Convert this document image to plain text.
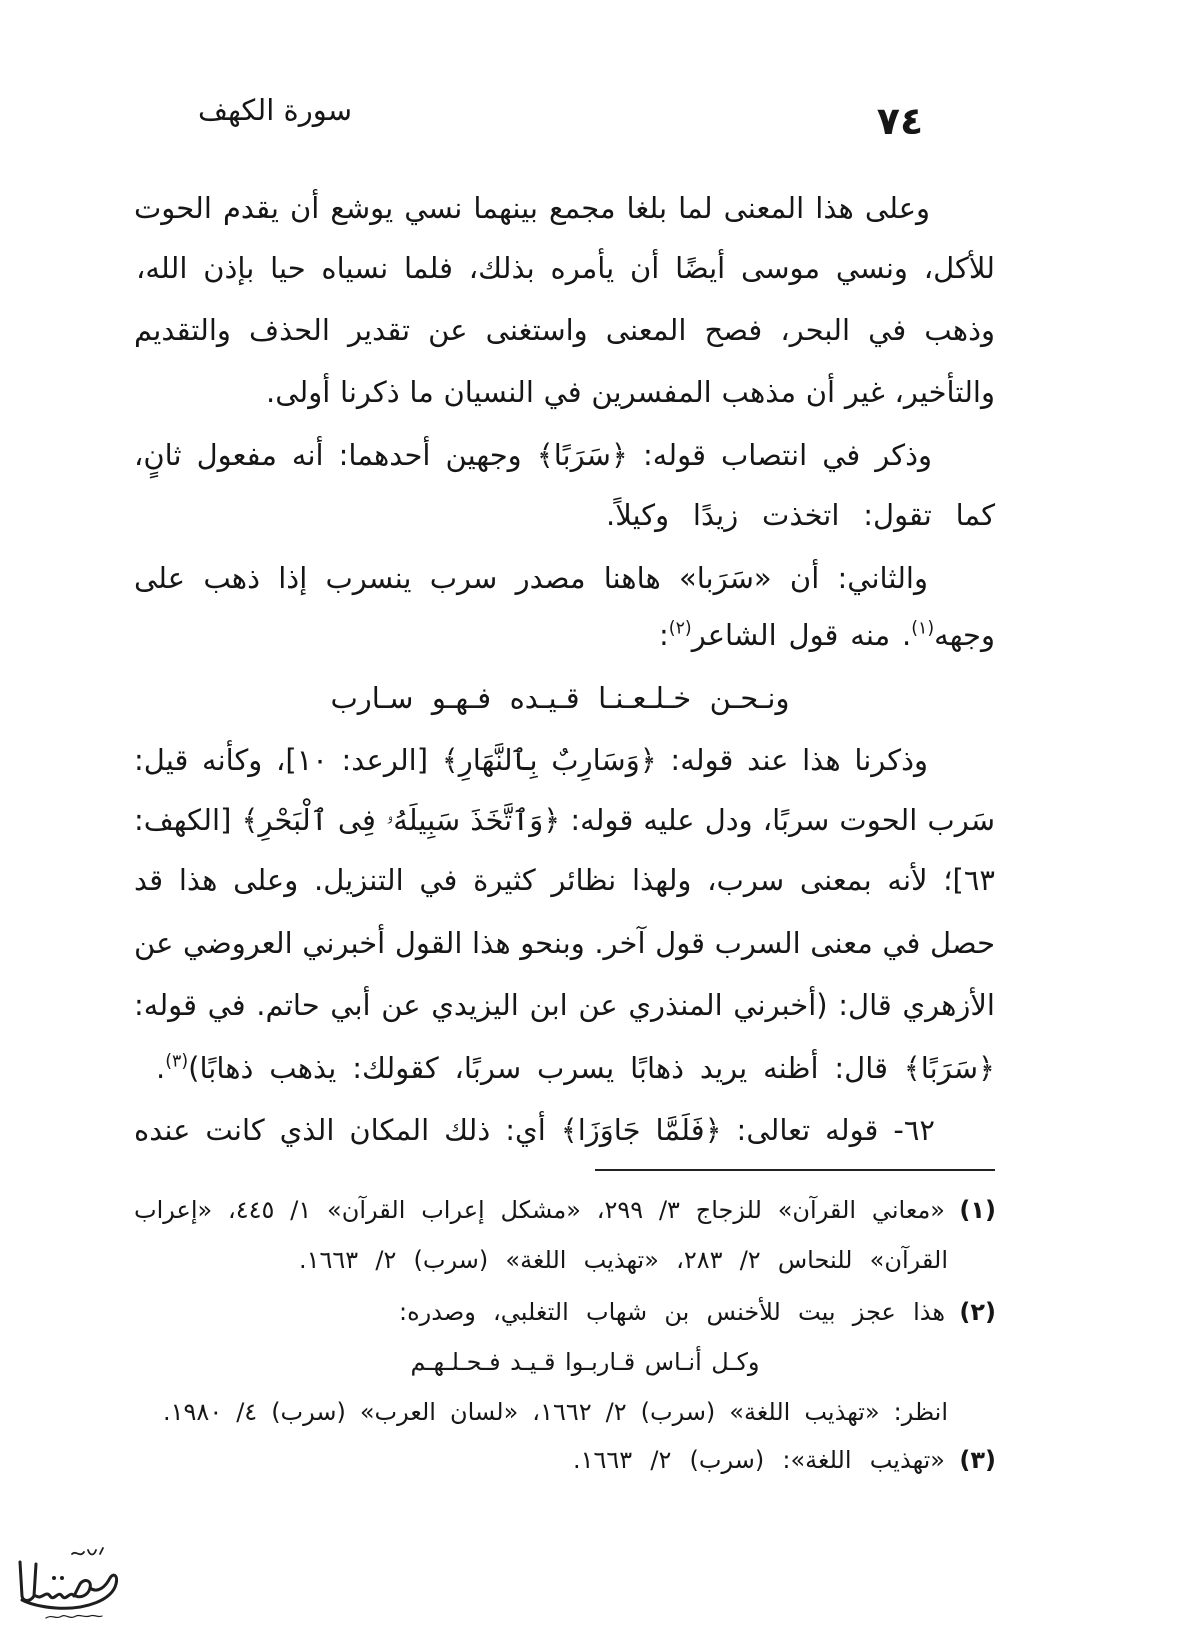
سورة الكهف	٧٤
وعلى هذا المعنى لما بلغا مجمع بينهما نسي يوشع أن يقدم الحوت
للأكل، ونسي موسى أيضًا أن يأمره بذلك، فلما نسياه حيا بإذن الله،
وذهب في البحر، فصح المعنى واستغنى عن تقدير الحذف والتقديم
والتأخير، غير أن مذهب المفسرين في النسيان ما ذكرنا أولى.
وذكر في انتصاب قوله: ﴿سَرَبًا﴾ وجهين أحدهما: أنه مفعول ثانٍ،
كما تقول: اتخذت زيدًا وكيلاً.
والثاني: أن «سَرَبا» هاهنا مصدر سرب ينسرب إذا ذهب على
وجهه$^{(١)}$. منه قول الشاعر$^{(٢)}$:
ونـحـن خـلـعـنـا قـيـده فـهـو سـارب
وذكرنا هذا عند قوله: ﴿وَسَارِبٌ بِٱلنَّهَارِ﴾ [الرعد: ١٠]، وكأنه قيل:
سَرب الحوت سربًا، ودل عليه قوله: ﴿وَٱتَّخَذَ سَبِيلَهُۥ فِى ٱلْبَحْرِ﴾ [الكهف:
٦٣]؛ لأنه بمعنى سرب، ولهذا نظائر كثيرة في التنزيل. وعلى هذا قد
حصل في معنى السرب قول آخر. وبنحو هذا القول أخبرني العروضي عن
الأزهري قال: (أخبرني المنذري عن ابن اليزيدي عن أبي حاتم. في قوله:
﴿سَرَبًا﴾ قال: أظنه يريد ذهابًا يسرب سربًا، كقولك: يذهب ذهابًا)$^{(٣)}$.
٦٢- قوله تعالى: ﴿فَلَمَّا جَاوَزَا﴾ أي: ذلك المكان الذي كانت عنده
(١)
«معاني القرآن» للزجاج ٣/ ٢٩٩، «مشكل إعراب القرآن» ١/ ٤٤٥، «إعراب
القرآن» للنحاس ٢/ ٢٨٣، «تهذيب اللغة» (سرب) ٢/ ١٦٦٣.
(٢)
هذا عجز بيت للأخنس بن شهاب التغلبي، وصدره:
وكـل أنـاس قـاربـوا قـيـد فـحـلـهـم
انظر: «تهذيب اللغة» (سرب) ٢/ ١٦٦٢، «لسان العرب» (سرب) ٤/ ١٩٨٠.
(٣)
«تهذيب اللغة»: (سرب) ٢/ ١٦٦٣.
